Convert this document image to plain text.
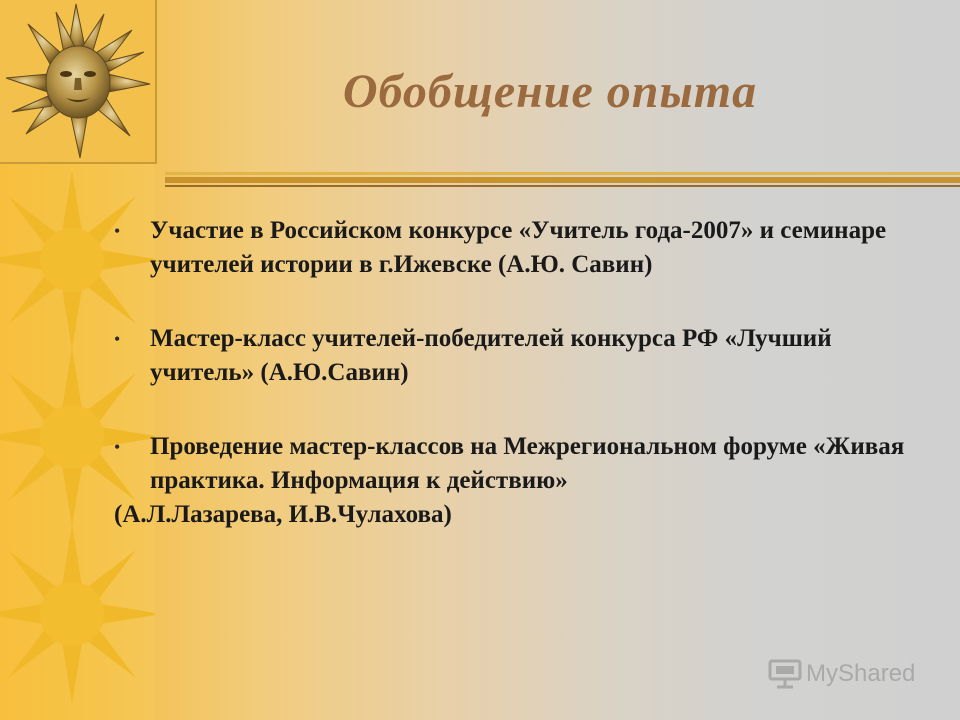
Обобщение опыта
• Участие в Российском конкурсе «Учитель года-2007» и семинаре учителей истории в г.Ижевске (А.Ю. Савин)
• Мастер-класс учителей-победителей конкурса РФ «Лучший учитель» (А.Ю.Савин)
• Проведение мастер-классов на Межрегиональном форуме «Живая практика. Информация к действию»
(А.Л.Лазарева, И.В.Чулахова)
MyShared
